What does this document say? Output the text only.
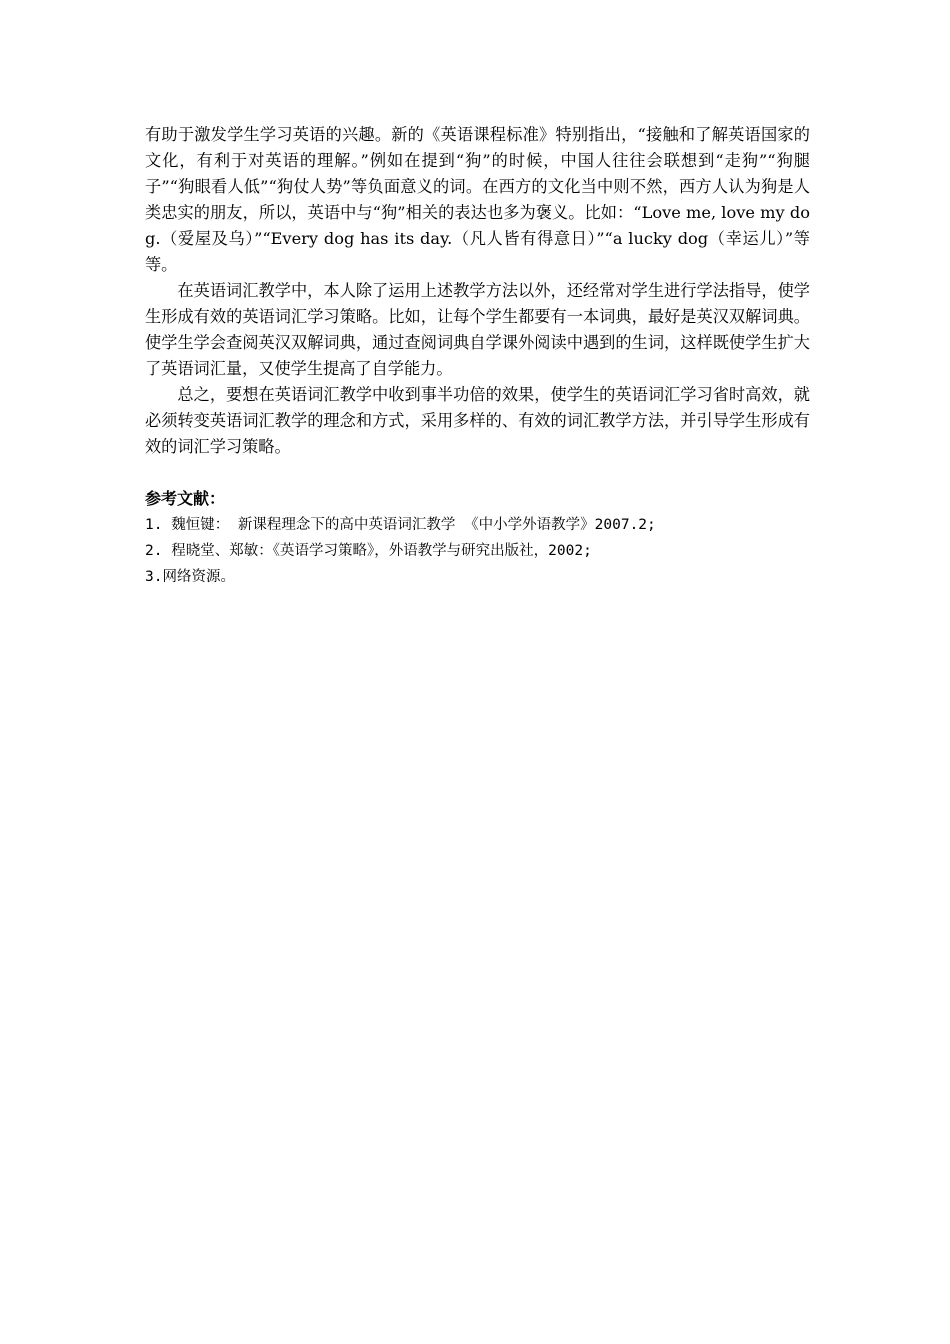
有助于激发学生学习英语的兴趣。新的《英语课程标准》特别指出，“接触和了解英语国家的文化，有利于对英语的理解。”例如在提到“狗”的时候，中国人往往会联想到“走狗”“狗腿子”“狗眼看人低”“狗仗人势”等负面意义的词。在西方的文化当中则不然，西方人认为狗是人类忠实的朋友，所以，英语中与“狗”相关的表达也多为褒义。比如：“Love me, love my dog.（爱屋及乌）”“Every dog has its day.（凡人皆有得意日）”“a lucky dog（幸运儿）”等等。

在英语词汇教学中，本人除了运用上述教学方法以外，还经常对学生进行学法指导，使学生形成有效的英语词汇学习策略。比如，让每个学生都要有一本词典，最好是英汉双解词典。使学生学会查阅英汉双解词典，通过查阅词典自学课外阅读中遇到的生词，这样既使学生扩大了英语词汇量，又使学生提高了自学能力。

总之，要想在英语词汇教学中收到事半功倍的效果，使学生的英语词汇学习省时高效，就必须转变英语词汇教学的理念和方式，采用多样的、有效的词汇教学方法，并引导学生形成有效的词汇学习策略。

参考文献：
1. 魏恒键： 新课程理念下的高中英语词汇教学 《中小学外语教学》2007.2;
2. 程晓堂、郑敏：《英语学习策略》，外语教学与研究出版社，2002;
3.网络资源。
